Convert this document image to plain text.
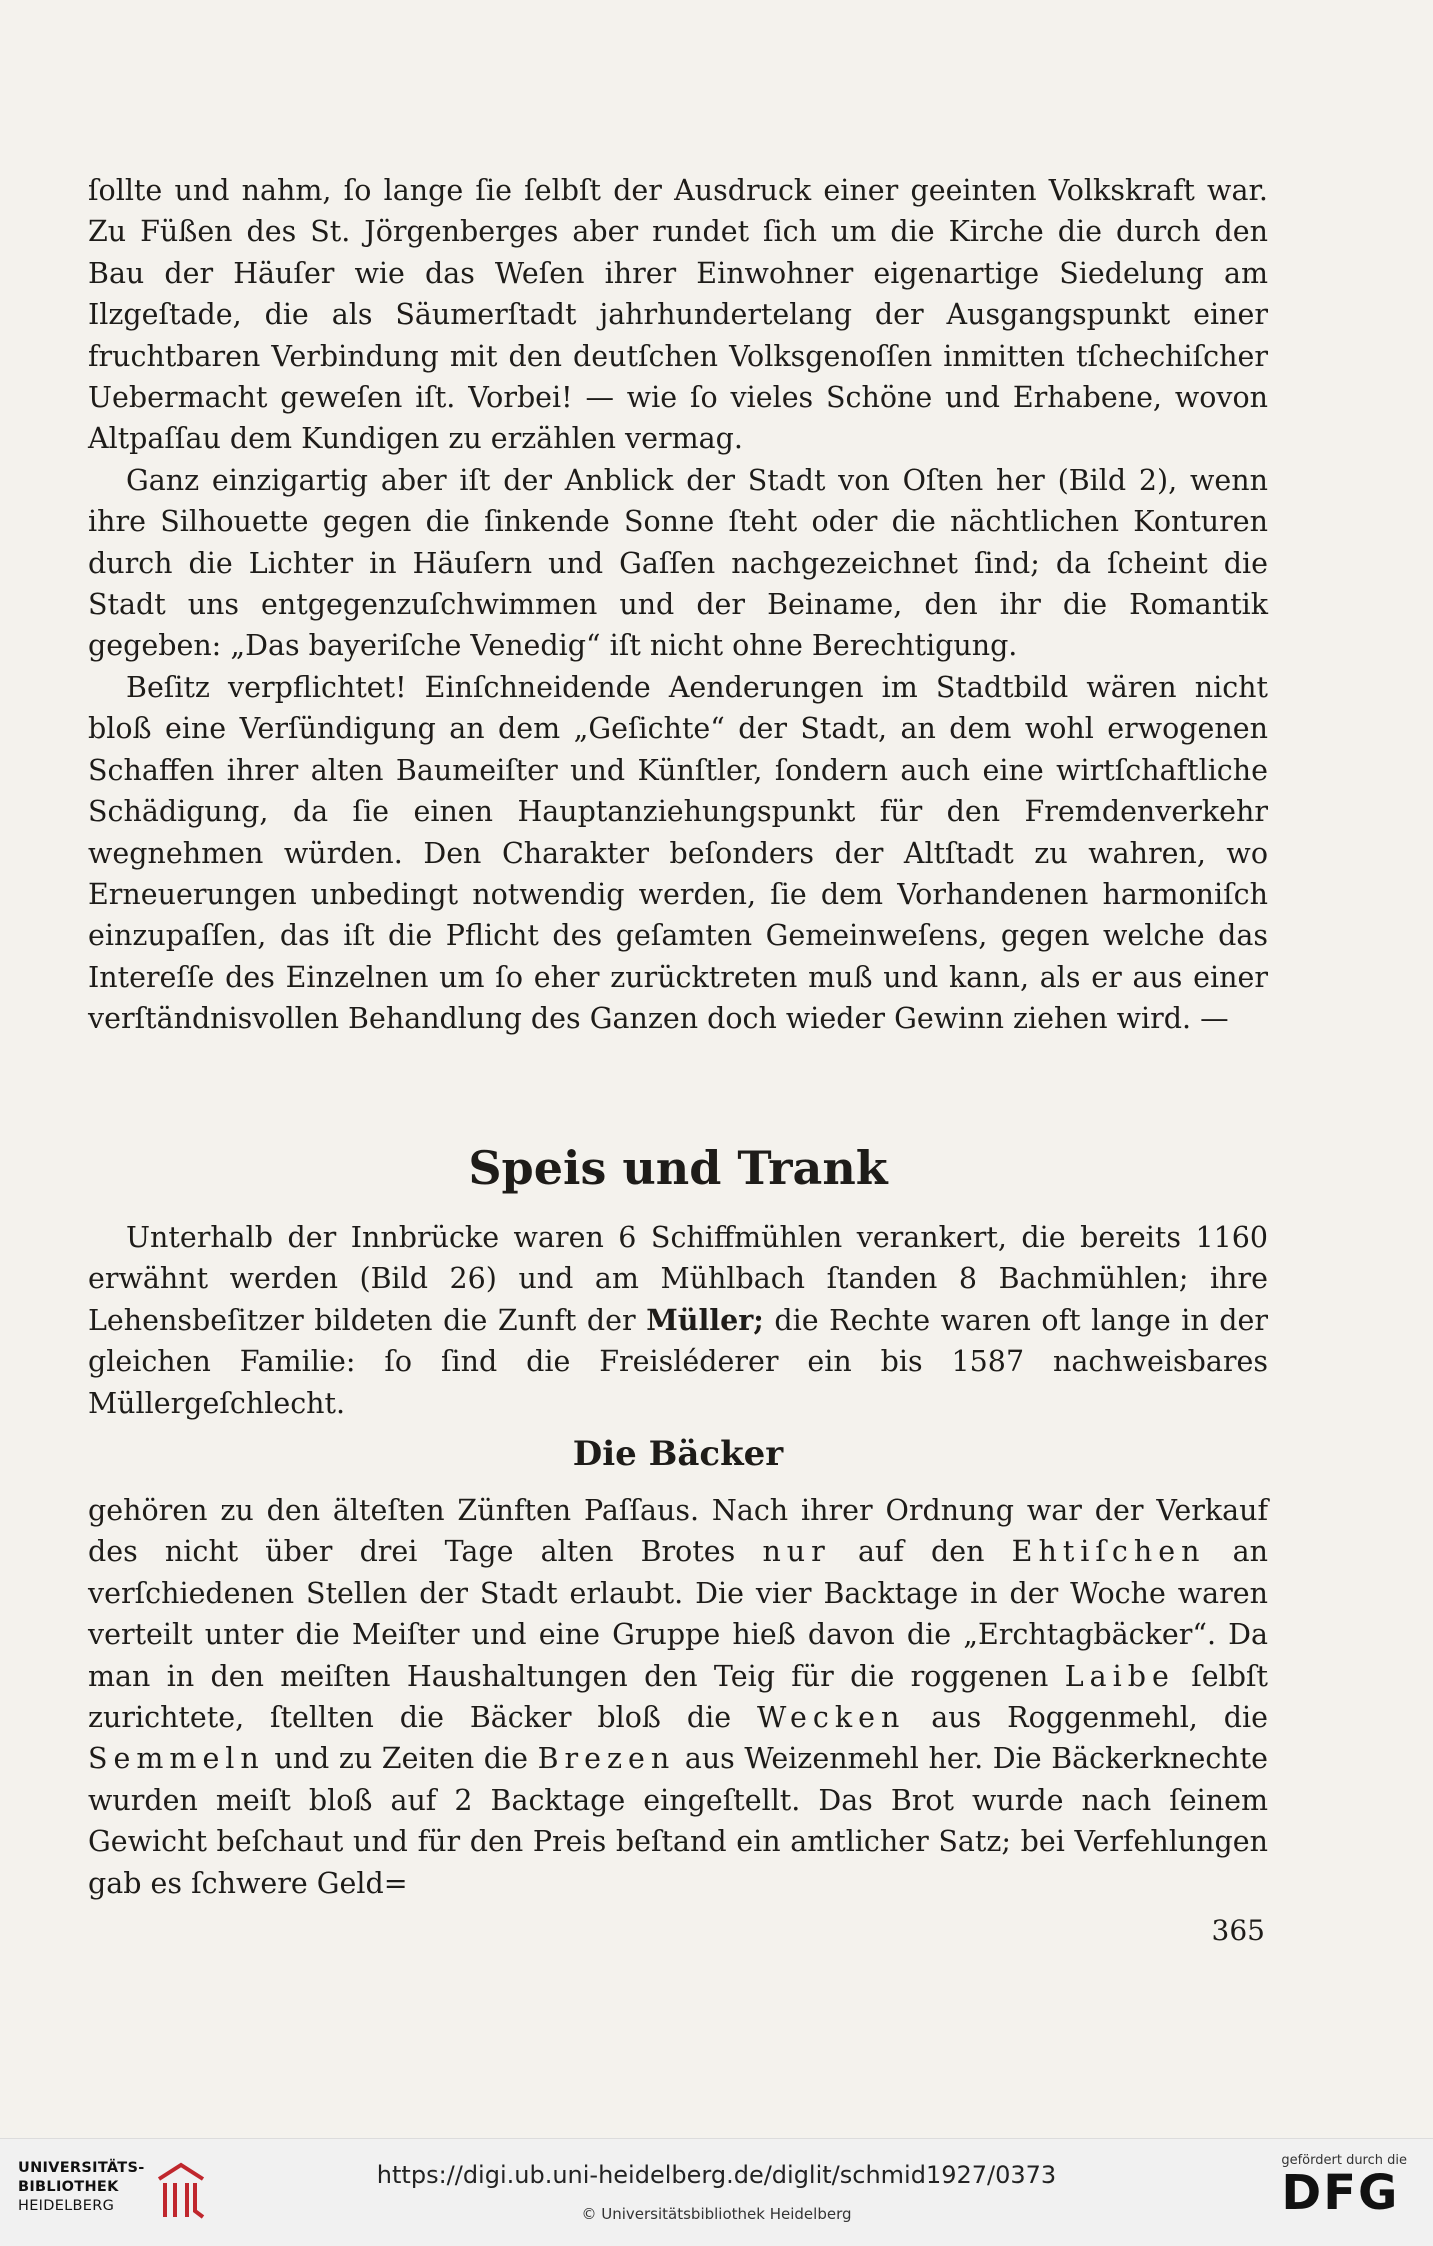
ſollte und nahm, ſo lange ſie ſelbſt der Ausdruck einer geeinten Volkskraft war. Zu Füßen des St. Jörgenberges aber rundet ſich um die Kirche die durch den Bau der Häuſer wie das Weſen ihrer Einwohner eigenartige Siedelung am Ilzgeſtade, die als Säumerſtadt jahrhundertelang der Ausgangspunkt einer fruchtbaren Verbindung mit den deutſchen Volksgenoſſen inmitten tſchechiſcher Uebermacht geweſen iſt. Vorbei! — wie ſo vieles Schöne und Erhabene, wovon Altpaſſau dem Kundigen zu erzählen vermag.

Ganz einzigartig aber iſt der Anblick der Stadt von Oſten her (Bild 2), wenn ihre Silhouette gegen die ſinkende Sonne ſteht oder die nächtlichen Konturen durch die Lichter in Häuſern und Gaſſen nachgezeichnet ſind; da ſcheint die Stadt uns entgegenzuſchwimmen und der Beiname, den ihr die Romantik gegeben: „Das bayeriſche Venedig“ iſt nicht ohne Berechtigung.

Beſitz verpflichtet! Einſchneidende Aenderungen im Stadtbild wären nicht bloß eine Verſündigung an dem „Geſichte“ der Stadt, an dem wohl erwogenen Schaffen ihrer alten Baumeiſter und Künſtler, ſondern auch eine wirtſchaftliche Schädigung, da ſie einen Hauptanziehungspunkt für den Fremdenverkehr wegnehmen würden. Den Charakter beſonders der Altſtadt zu wahren, wo Erneuerungen unbedingt notwendig werden, ſie dem Vorhandenen harmoniſch einzupaſſen, das iſt die Pflicht des geſamten Gemeinweſens, gegen welche das Intereſſe des Einzelnen um ſo eher zurücktreten muß und kann, als er aus einer verſtändnisvollen Behandlung des Ganzen doch wieder Gewinn ziehen wird. —

Speis und Trank

Unterhalb der Innbrücke waren 6 Schiffmühlen verankert, die bereits 1160 erwähnt werden (Bild 26) und am Mühlbach ſtanden 8 Bachmühlen; ihre Lehensbeſitzer bildeten die Zunft der Müller; die Rechte waren oft lange in der gleichen Familie: ſo ſind die Freisléderer ein bis 1587 nachweisbares Müllergeſchlecht.

Die Bäcker

gehören zu den älteſten Zünften Paſſaus. Nach ihrer Ordnung war der Verkauf des nicht über drei Tage alten Brotes nur auf den Ehtiſchen an verſchiedenen Stellen der Stadt erlaubt. Die vier Backtage in der Woche waren verteilt unter die Meiſter und eine Gruppe hieß davon die „Erchtagbäcker“. Da man in den meiſten Haushaltungen den Teig für die roggenen Laibe ſelbſt zurichtete, ſtellten die Bäcker bloß die Wecken aus Roggenmehl, die Semmeln und zu Zeiten die Brezen aus Weizenmehl her. Die Bäckerknechte wurden meiſt bloß auf 2 Backtage eingeſtellt. Das Brot wurde nach ſeinem Gewicht beſchaut und für den Preis beſtand ein amtlicher Satz; bei Verfehlungen gab es ſchwere Geld=

365
UNIVERSITÄTS-
BIBLIOTHEK
HEIDELBERG
https://digi.ub.uni-heidelberg.de/diglit/schmid1927/0373
© Universitätsbibliothek Heidelberg
gefördert durch die
DFG
